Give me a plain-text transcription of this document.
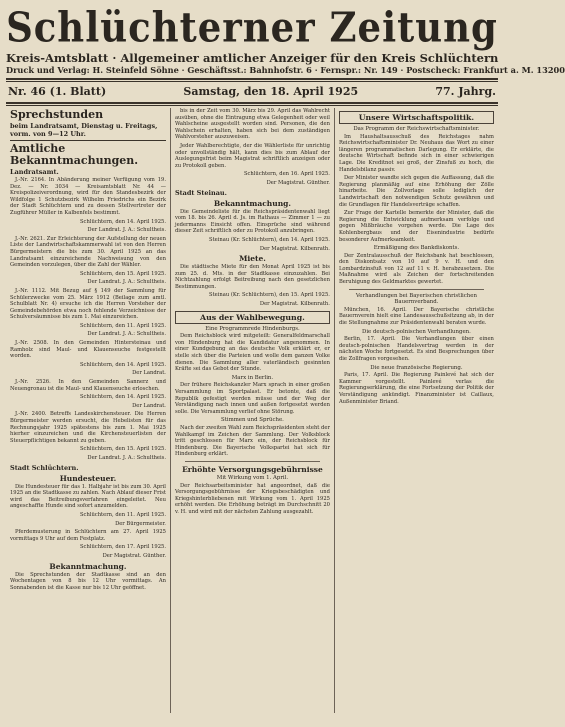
Schlüchterner Zeitung
Kreis-Amtsblatt · Allgemeiner amtlicher Anzeiger für den Kreis Schlüchtern
Druck und Verlag: H. Steinfeld Söhne · Geschäftsst.: Bahnhofstr. 6 · Fernspr.: Nr. 149 · Postscheck: Frankfurt a. M. 13200
Nr. 46 (1. Blatt)	Samstag, den 18. April 1925	77. Jahrg.
Sprechstunden
beim Landratsamt, Dienstag u. Freitags, vorm. von 9—12 Uhr.
Amtliche Bekanntmachungen.
Landratsamt.

J.-Nr. 2164. In Abänderung meiner Verfügung vom 19. Dez. — Nr. 3034 — Kreisamtsblatt Nr. 44 — Kreispolizeiverordnung, wird für den Standesbezirk der Wildfolge 1 Schutzbezirk Wilhelm Friedrichs ein Bezirk der Stadt Schlüchtern und zu dessen Stellvertreter der Zugführer Müller in Kalbenfels bestimmt.

Schlüchtern, den 14. April 1925.
Der Landrat. J. A.: Schultheis.

J.-Nr. 2621. Zur Erleichterung der Aufstellung der neuen Liste der Landwirtschaftskammerwahl ist von den Herren Bürgermeistern die bis zum 30. April 1925 an das Landratsamt einzureichende Nachweisung von den Gemeinden vorzulegen, über die Zahl der Wähler.

Schlüchtern, den 15. April 1925.
Der Landrat. J. A.: Schultheis.

J.-Nr. 1112. Mit Bezug auf § 149 der Sammlung für Schülerzwecke vom 25. März 1912 (Beilage zum amtl. Schulblatt Nr. 4) ersuche ich die Herren Vorsteher der Gemeindebehörden etwa noch fehlende Verzeichnisse der Schulversäumnisse bis zum 1. Mai einzureichen.

Schlüchtern, den 11. April 1925.
Der Landrat. J. A.: Schultheis.

J.-Nr. 2508. In den Gemeinden Hintersteinau und Ramholz sind Maul- und Klauenseuche festgestellt worden.

Schlüchtern, den 14. April 1925.
Der Landrat.

J.-Nr. 2526. In den Gemeinden Sannerz und Neuengronau ist die Maul- und Klauenseuche erloschen.

Schlüchtern, den 14. April 1925.
Der Landrat.

J.-Nr. 2400. Betreffs Landeskirchensteuer. Die Herren Bürgermeister werden ersucht, die Hebelisten für das Rechnungsjahr 1925 spätestens bis zum 1. Mai 1925 hierher einzureichen und die Kirchensteuerlisten der Steuerpflichtigen bekannt zu geben.

Schlüchtern, den 15. April 1925.
Der Landrat. J. A.: Schultheis.
Stadt Schlüchtern.
Hundesteuer.

Die Hundesteuer für das 1. Halbjahr ist bis zum 30. April 1925 an die Stadtkasse zu zahlen. Nach Ablauf dieser Frist wird das Beitreibungsverfahren eingeleitet. Neu angeschaffte Hunde sind sofort anzumelden.

Schlüchtern, den 11. April 1925.
Der Bürgermeister.

Pferdemusterung in Schlüchtern am 27. April 1925 vormittags 9 Uhr auf dem Festplatz.

Schlüchtern, den 17. April 1925.
Der Magistrat. Günther.
Bekanntmachung.

Die Sprechstunden der Stadtkasse sind an den Wochentagen von 8 bis 12 Uhr vormittags. An Sonnabenden ist die Kasse nur bis 12 Uhr geöffnet.

bis in der Zeit vom 30. März bis 29. April das Wahlrecht ausüben, ohne die Eintragung etwa Gelegenheit oder weil Wahlscheine ausgestellt worden sind. Personen, die den Wahlschein erhalten, haben sich bei dem zuständigen Wahlvorsteher auszuweisen.

Jeder Wahlberechtigte, der die Wählerliste für unrichtig oder unvollständig hält, kann dies bis zum Ablauf der Auslegungsfrist beim Magistrat schriftlich anzeigen oder zu Protokoll geben.

Schlüchtern, den 16. April 1925.
Der Magistrat. Günther.
Stadt Steinau.
Bekanntmachung.

Die Gemeindeliste für die Reichspräsidentenwahl liegt vom 18. bis 26. April d. Js. im Rathaus — Zimmer 1 — zu jedermanns Einsicht offen. Einsprüche sind während dieser Zeit schriftlich oder zu Protokoll anzubringen.

Steinau (Kr. Schlüchtern), den 14. April 1925.
Der Magistrat. Kilbenrath.
Miete.

Die städtische Miete für den Monat April 1925 ist bis zum 25. d. Mts. in der Stadtkasse einzuzahlen. Bei Nichtzahlung erfolgt Beitreibung nach den gesetzlichen Bestimmungen.

Steinau (Kr. Schlüchtern), den 15. April 1925.
Der Magistrat. Kilbenrath.
Aus der Wahlbewegung.
Eine Programmrede Hindenburgs.

Dem Reichsblock wird mitgeteilt: Generalfeldmarschall von Hindenburg hat die Kandidatur angenommen. In einer Kundgebung an das deutsche Volk erklärt er, er stelle sich über die Parteien und wolle dem ganzen Volke dienen. Die Sammlung aller vaterländisch gesinnten Kräfte sei das Gebot der Stunde.

Marx in Berlin.

Der frühere Reichskanzler Marx sprach in einer großen Versammlung im Sportpalast. Er betonte, daß die Republik gefestigt werden müsse und der Weg der Verständigung nach innen und außen fortgesetzt werden solle. Die Versammlung verlief ohne Störung.

Stimmen und Sprüche.

Nach der zweiten Wahl zum Reichspräsidenten steht der Wahlkampf im Zeichen der Sammlung. Der Volksblock tritt geschlossen für Marx ein, der Reichsblock für Hindenburg. Die Bayerische Volkspartei hat sich für Hindenburg erklärt.

Erhöhte Versorgungsgebührnisse
Mit Wirkung vom 1. April.

Der Reichsarbeitsminister hat angeordnet, daß die Versorgungsgebührnisse der Kriegsbeschädigten und Kriegshinterbliebenen mit Wirkung vom 1. April 1925 erhöht werden. Die Erhöhung beträgt im Durchschnitt 20 v. H. und wird mit der nächsten Zahlung ausgezahlt.

Unsere Wirtschaftspolitik.
Das Programm der Reichswirtschaftsminister.

Im Haushaltsausschuß des Reichstages nahm Reichswirtschaftsminister Dr. Neuhaus das Wort zu einer längeren programmatischen Darlegung. Er erklärte, die deutsche Wirtschaft befinde sich in einer schwierigen Lage. Die Kreditnot sei groß, der Zinsfuß zu hoch, die Handelsbilanz passiv.

Der Minister wandte sich gegen die Auffassung, daß die Regierung planmäßig auf eine Erhöhung der Zölle hinarbeite. Die Zollvorlage solle lediglich der Landwirtschaft den notwendigen Schutz gewähren und die Grundlagen für Handelsverträge schaffen.

Zur Frage der Kartelle bemerkte der Minister, daß die Regierung die Entwicklung aufmerksam verfolge und gegen Mißbräuche vorgehen werde. Die Lage des Kohlenbergbaus und der Eisenindustrie bedürfe besonderer Aufmerksamkeit.

Ermäßigung des Bankdiskonts.

Der Zentralausschuß der Reichsbank hat beschlossen, den Diskontsatz von 10 auf 9 v. H. und den Lombardzinsfuß von 12 auf 11 v. H. herabzusetzen. Die Maßnahme wird als Zeichen der fortschreitenden Beruhigung des Geldmarktes gewertet.

Verhandlungen bei Bayerischen christlichen Bauernverband.

München, 16. April. Der Bayerische christliche Bauernverein hielt eine Landesausschußsitzung ab, in der die Stellungnahme zur Präsidentenwahl beraten wurde.

Die deutsch-polnischen Verhandlungen.

Berlin, 17. April. Die Verhandlungen über einen deutsch-polnischen Handelsvertrag werden in der nächsten Woche fortgesetzt. Es sind Besprechungen über die Zollfragen vorgesehen.

Die neue französische Regierung.

Paris, 17. April. Die Regierung Painlevé hat sich der Kammer vorgestellt. Painlevé verlas die Regierungserklärung, die eine Fortsetzung der Politik der Verständigung ankündigt. Finanzminister ist Caillaux, Außenminister Briand.
